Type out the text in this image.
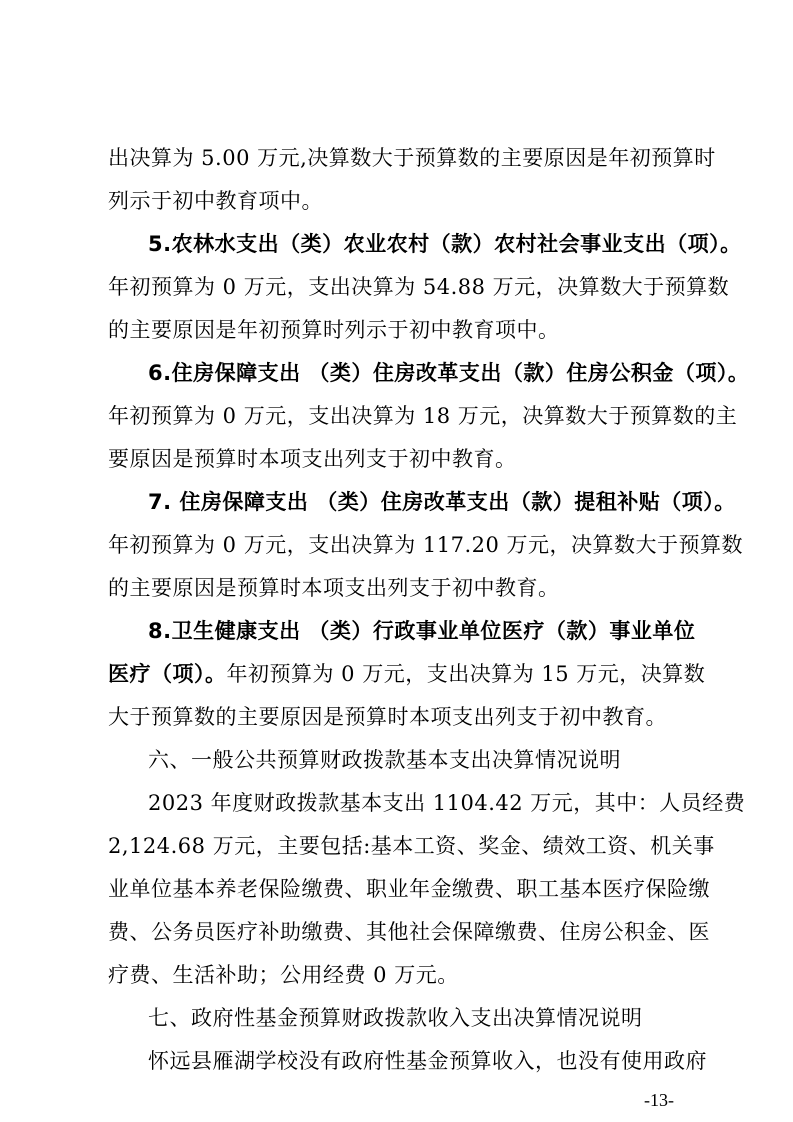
出决算为 5.00 万元,决算数大于预算数的主要原因是年初预算时
列示于初中教育项中。
5.农林水支出（类）农业农村（款）农村社会事业支出（项）。
年初预算为 0 万元，支出决算为 54.88 万元，决算数大于预算数
的主要原因是年初预算时列示于初中教育项中。
6.住房保障支出 （类）住房改革支出（款）住房公积金（项）。
年初预算为 0 万元，支出决算为 18 万元，决算数大于预算数的主
要原因是预算时本项支出列支于初中教育。
7. 住房保障支出 （类）住房改革支出（款）提租补贴（项）。
年初预算为 0 万元，支出决算为 117.20 万元，决算数大于预算数
的主要原因是预算时本项支出列支于初中教育。
8.卫生健康支出 （类）行政事业单位医疗（款）事业单位
医疗（项）。年初预算为 0 万元，支出决算为 15 万元，决算数
大于预算数的主要原因是预算时本项支出列支于初中教育。
六、一般公共预算财政拨款基本支出决算情况说明
2023 年度财政拨款基本支出 1104.42 万元，其中：人员经费
2,124.68 万元，主要包括:基本工资、奖金、绩效工资、机关事
业单位基本养老保险缴费、职业年金缴费、职工基本医疗保险缴
费、公务员医疗补助缴费、其他社会保障缴费、住房公积金、医
疗费、生活补助；公用经费 0 万元。
七、政府性基金预算财政拨款收入支出决算情况说明
怀远县雁湖学校没有政府性基金预算收入，也没有使用政府
-13-
